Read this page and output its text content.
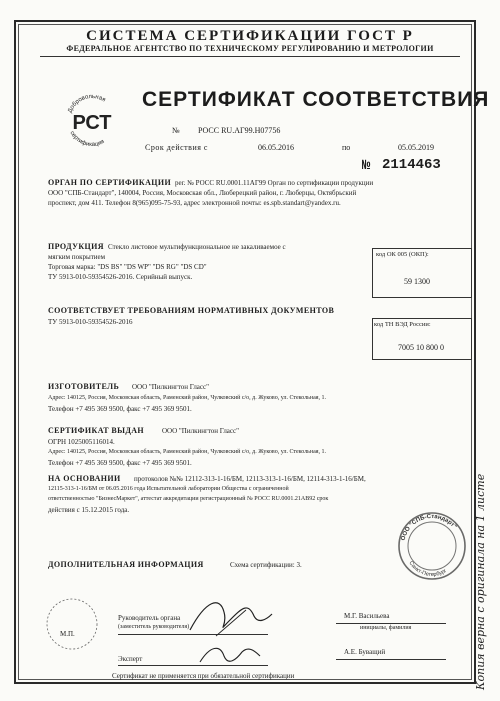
СИСТЕМА СЕРТИФИКАЦИИ ГОСТ Р
ФЕДЕРАЛЬНОЕ АГЕНТСТВО ПО ТЕХНИЧЕСКОМУ РЕГУЛИРОВАНИЮ И МЕТРОЛОГИИ
Добровольная
сертификация
РСТ
СЕРТИФИКАТ СООТВЕТСТВИЯ
№ РОСС RU.АГ99.Н07756
Срок действия с	06.05.2016	по	05.05.2019
№ 2114463
ОРГАН ПО СЕРТИФИКАЦИИ рег. № РОСС RU.0001.11АГ99 Орган по сертификации продукции
ООО "СПБ-Стандарт", 140004, Россия, Московская обл., Люберецкий район, г. Люберцы, Октябрьский
проспект, дом 411. Телефон 8(965)095-75-93, адрес электронной почты: es.spb.standart@yandex.ru.
ПРОДУКЦИЯ Стекло листовое мультифункциональное не закаливаемое с
мягким покрытием
Торговая марка: "DS BS" "DS WP" "DS RG" "DS CD"
ТУ 5913-010-59354526-2016. Серийный выпуск.
код ОК 005 (ОКП):
59 1300
СООТВЕТСТВУЕТ ТРЕБОВАНИЯМ НОРМАТИВНЫХ ДОКУМЕНТОВ
ТУ 5913-010-59354526-2016	код ТН ВЭД России:
7005 10 800 0
ИЗГОТОВИТЕЛЬ ООО "Пилкингтон Гласс"
Адрес: 140125, Россия, Московская область, Раменский район, Чулковский с/о, д. Жуково, ул. Стекольная, 1.
Телефон +7 495 369 9500, факс +7 495 369 9501.
СЕРТИФИКАТ ВЫДАН	ООО "Пилкингтон Гласс"
ОГРН 1025005116014.
Адрес: 140125, Россия, Московская область, Раменский район, Чулковский с/о, д. Жуково, ул. Стекольная, 1.
Телефон +7 495 369 9500, факс +7 495 369 9501.
НА ОСНОВАНИИ протоколов №№ 12112-313-1-16/БМ, 12113-313-1-16/БМ, 12114-313-1-16/БМ,
12115-313-1-16/БМ от 06.05.2016 года Испытательной лаборатории Общества с ограниченной
ответственностью "БизнесМаркет", аттестат аккредитации регистрационный № РОСС RU.0001.21АВ92 срок
действия с 15.12.2015 года.
ООО "СПБ-Стандарт"
Санкт-Петербург
ДОПОЛНИТЕЛЬНАЯ ИНФОРМАЦИЯ	Схема сертификации: 3.
М.П.
Руководитель органа
(заместитель руководителя)
М.Г. Васильева
инициалы, фамилия
Эксперт
А.Е. Буващий
Сертификат не применяется при обязательной сертификации	Копия верна с оригинала на 1 листе
